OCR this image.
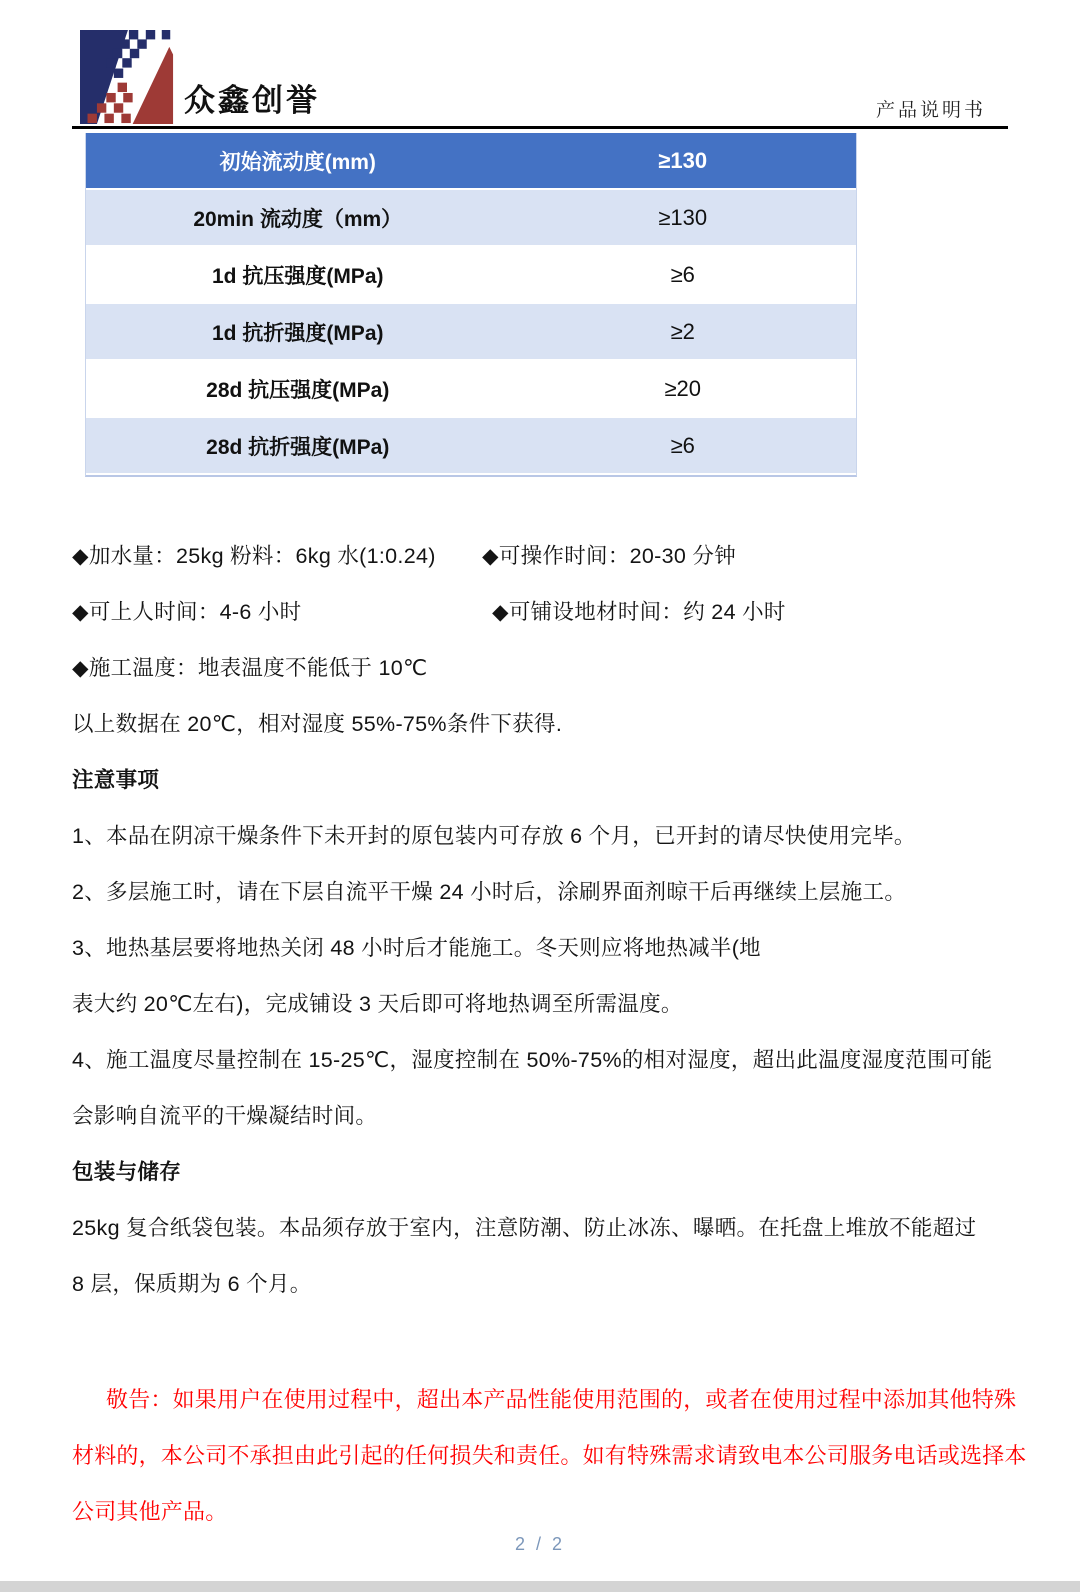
众鑫创誉	产品说明书
初始流动度(mm)	≥130
20min 流动度（mm）	≥130
1d 抗压强度(MPa)	≥6
1d 抗折强度(MPa)	≥2
28d 抗压强度(MPa)	≥20
28d 抗折强度(MPa)	≥6
◆加水量：25kg 粉料：6kg 水(1:0.24) ◆可操作时间：20-30 分钟
◆可上人时间：4-6 小时	◆可铺设地材时间：约 24 小时
◆施工温度：地表温度不能低于 10℃
以上数据在 20℃，相对湿度 55%-75%条件下获得.
注意事项
1、本品在阴凉干燥条件下未开封的原包装内可存放 6 个月，已开封的请尽快使用完毕。
2、多层施工时，请在下层自流平干燥 24 小时后，涂刷界面剂晾干后再继续上层施工。
3、地热基层要将地热关闭 48 小时后才能施工。冬天则应将地热减半(地
表大约 20℃左右)，完成铺设 3 天后即可将地热调至所需温度。
4、施工温度尽量控制在 15-25℃，湿度控制在 50%-75%的相对湿度，超出此温度湿度范围可能
会影响自流平的干燥凝结时间。
包装与储存
25kg 复合纸袋包装。本品须存放于室内，注意防潮、防止冰冻、曝晒。在托盘上堆放不能超过
8 层，保质期为 6 个月。
敬告：如果用户在使用过程中，超出本产品性能使用范围的，或者在使用过程中添加其他特殊
材料的，本公司不承担由此引起的任何损失和责任。如有特殊需求请致电本公司服务电话或选择本
公司其他产品。
2 / 2
